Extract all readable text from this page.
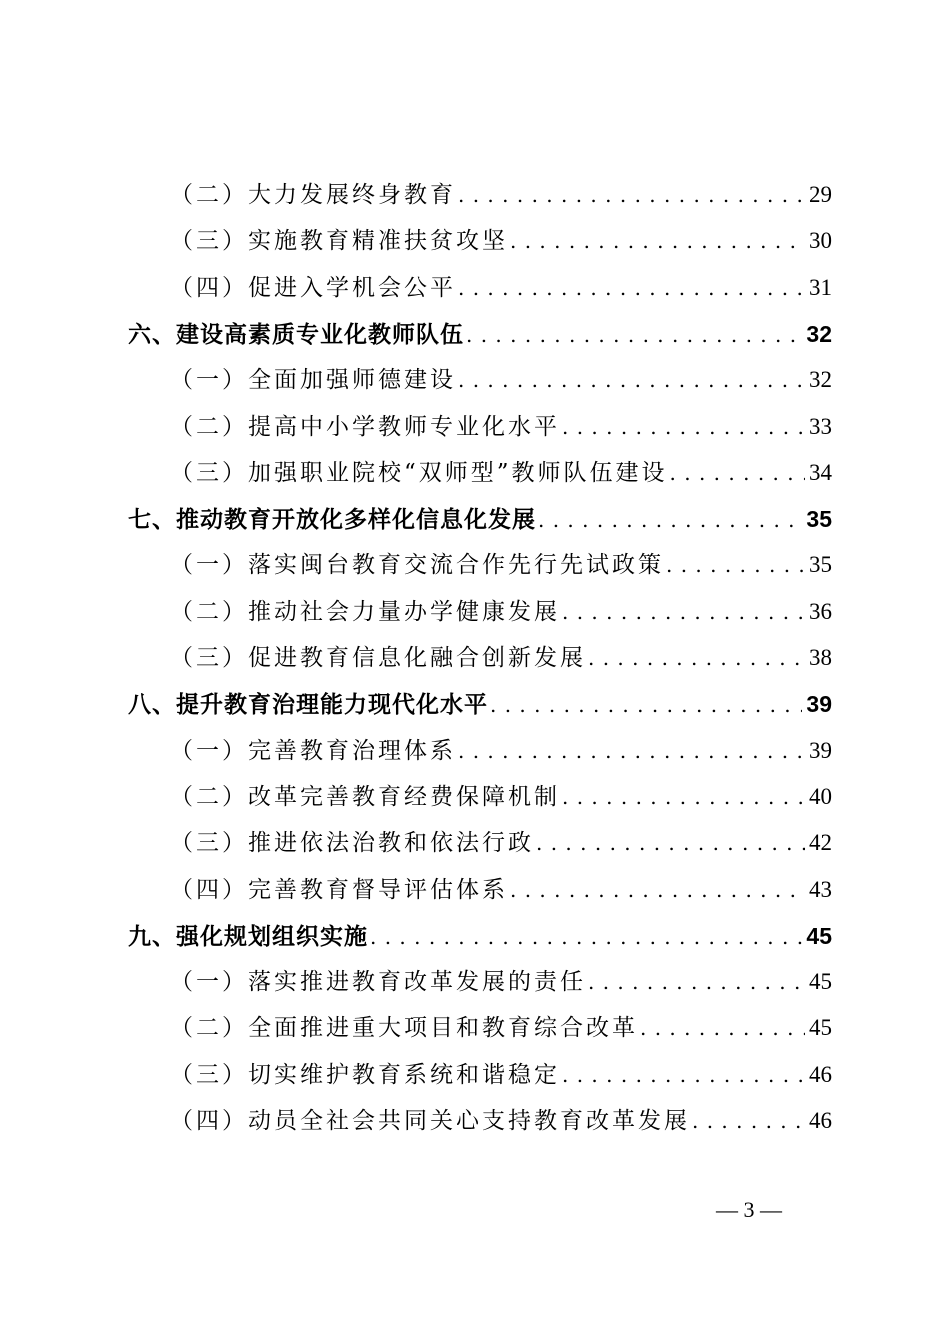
（二）大力发展终身教育 . . .	29
（三）实施教育精准扶贫攻坚 . . .	30
（四）促进入学机会公平 . . .	31
六、建设高素质专业化教师队伍 . . .	32
（一）全面加强师德建设 . . .	32
（二）提高中小学教师专业化水平 . . .	33
（三）加强职业院校“双师型”教师队伍建设 . . .	34
七、推动教育开放化多样化信息化发展 . . .	35
（一）落实闽台教育交流合作先行先试政策 . . .	35
（二）推动社会力量办学健康发展 . . .	36
（三）促进教育信息化融合创新发展 . . .	38
八、提升教育治理能力现代化水平 . . .	39
（一）完善教育治理体系 . . .	39
（二）改革完善教育经费保障机制 . . .	40
（三）推进依法治教和依法行政 . . .	42
（四）完善教育督导评估体系 . . .	43
九、强化规划组织实施 . . .	45
（一）落实推进教育改革发展的责任 . . .	45
（二）全面推进重大项目和教育综合改革 . . .	45
（三）切实维护教育系统和谐稳定 . . .	46
（四）动员全社会共同关心支持教育改革发展 . . .	46
— 3 —
